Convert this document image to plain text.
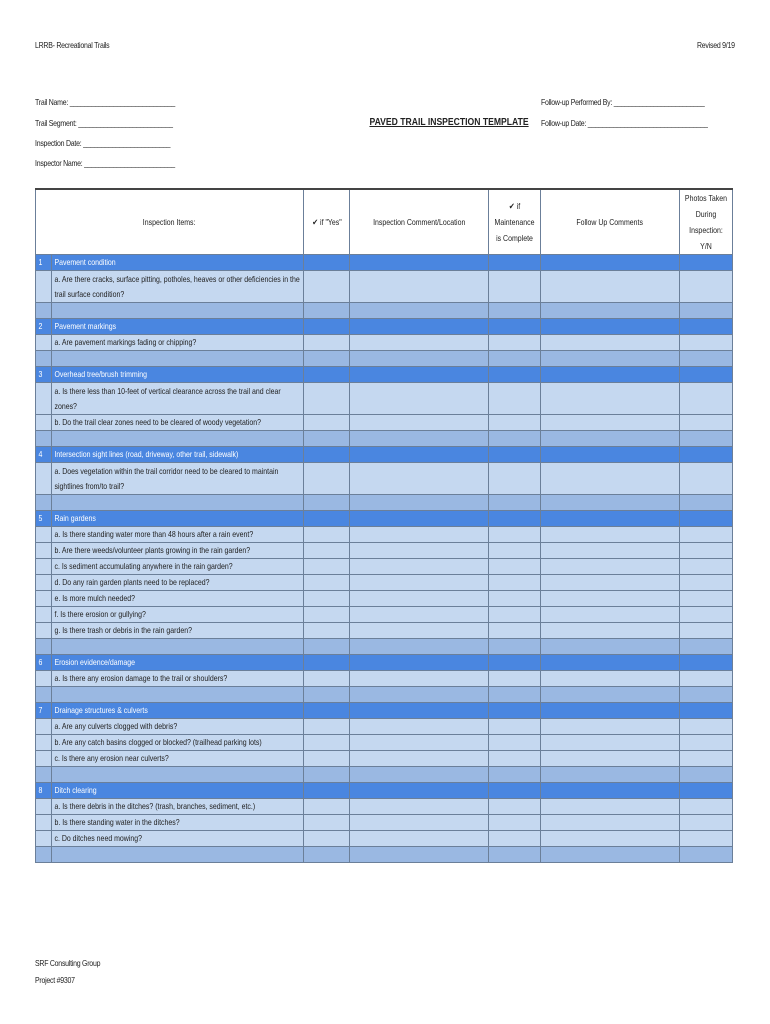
LRRB- Recreational Trails	Revised 9/19
Trail Name: _____________________________
Trail Segment: __________________________
Inspection Date: ________________________
Inspector Name: _________________________
PAVED TRAIL INSPECTION TEMPLATE
Follow-up Performed By: _________________________
Follow-up Date: _________________________________
Inspection Items:		✔ if "Yes"	Inspection Comment/Location	✔ if Maintenance is Complete	Follow Up Comments	Photos Taken During Inspection: Y/N

1	Pavement condition					

	a. Are there cracks, surface pitting, potholes, heaves or other deficiencies in the trail surface condition?					

2	Pavement markings					

	a. Are pavement markings fading or chipping?					

3	Overhead tree/brush trimming					

	a. Is there less than 10-feet of vertical clearance across the trail and clear zones?					

	b. Do the trail clear zones need to be cleared of woody vegetation?					

4	Intersection sight lines (road, driveway, other trail, sidewalk)					

	a. Does vegetation within the trail corridor need to be cleared to maintain sightlines from/to trail?					

5	Rain gardens					

	a. Is there standing water more than 48 hours after a rain event?					

	b. Are there weeds/volunteer plants growing in the rain garden?					

	c. Is sediment accumulating anywhere in the rain garden?					

	d. Do any rain garden plants need to be replaced?					

	e. Is more mulch needed?					

	f. Is there erosion or gullying?					

	g. Is there trash or debris in the rain garden?					

6	Erosion evidence/damage					

	a. Is there any erosion damage to the trail or shoulders?					

7	Drainage structures & culverts					

	a. Are any culverts clogged with debris?					

	b. Are any catch basins clogged or blocked? (trailhead parking lots)					

	c. Is there any erosion near culverts?					

8	Ditch clearing					

	a. Is there debris in the ditches? (trash, branches, sediment, etc.)					

	b. Is there standing water in the ditches?					

	c. Do ditches need mowing?					

SRF Consulting Group
Project #9307
